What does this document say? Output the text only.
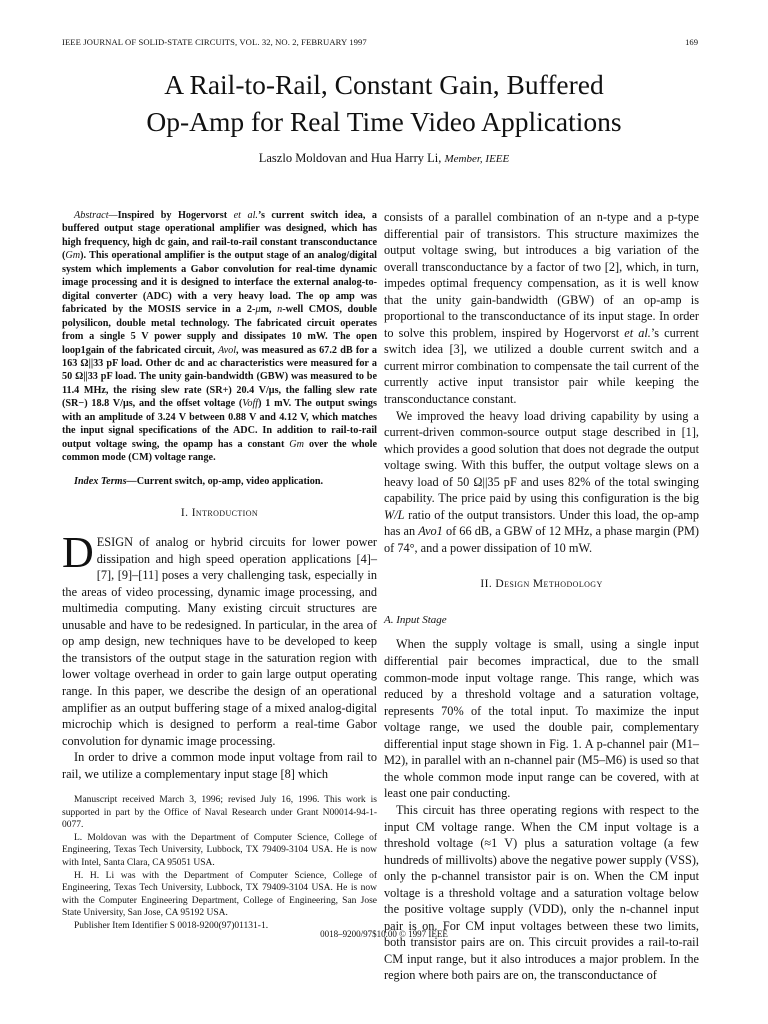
IEEE JOURNAL OF SOLID-STATE CIRCUITS, VOL. 32, NO. 2, FEBRUARY 1997	169
A Rail-to-Rail, Constant Gain, Buffered
Op-Amp for Real Time Video Applications
Laszlo Moldovan and Hua Harry Li, Member, IEEE

Abstract—Inspired by Hogervorst et al.’s current switch idea, a buffered output stage operational amplifier was designed, which has high frequency, high dc gain, and rail-to-rail constant transconductance (Gm). This operational amplifier is the output stage of an analog/digital system which implements a Gabor convolution for real-time dynamic image processing and it is designed to interface the external analog-to-digital converter (ADC) with a very heavy load. The op amp was fabricated by the MOSIS service in a 2-μm, n-well CMOS, double polysilicon, double metal technology. The fabricated circuit operates from a single 5 V power supply and dissipates 10 mW. The open loop1gain of the fabricated circuit, Avol, was measured as 67.2 dB for a 163 Ω||33 pF load. Other dc and ac characteristics were measured for a 50 Ω||33 pF load. The unity gain-bandwidth (GBW) was measured to be 11.4 MHz, the rising slew rate (SR+) 20.4 V/μs, the falling slew rate (SR−) 18.8 V/μs, and the offset voltage (Voff) 1 mV. The output swings with an amplitude of 3.24 V between 0.88 V and 4.12 V, which matches the input signal specifications of the ADC. In addition to rail-to-rail output voltage swing, the opamp has a constant Gm over the whole common mode (CM) voltage range.

Index Terms—Current switch, op-amp, video application.

I. Introduction

DESIGN of analog or hybrid circuits for lower power dissipation and high speed operation applications [4]–[7], [9]–[11] poses a very challenging task, especially in the areas of video processing, dynamic image processing, and multimedia computing. Many existing circuit structures are unusable and have to be redesigned. In particular, in the area of op amp design, new techniques have to be developed to keep the transistors of the output stage in the saturation region with lower voltage overhead in order to gain large output operating range. In this paper, we describe the design of an operational amplifier as an output buffering stage of a mixed analog-digital microchip which is designed to perform a real-time Gabor convolution for dynamic image processing.

In order to drive a common mode input voltage from rail to rail, we utilize a complementary input stage [8] which

Manuscript received March 3, 1996; revised July 16, 1996. This work is supported in part by the Office of Naval Research under Grant N00014-94-1-0077.

L. Moldovan was with the Department of Computer Science, College of Engineering, Texas Tech University, Lubbock, TX 79409-3104 USA. He is now with Intel, Santa Clara, CA 95051 USA.

H. H. Li was with the Department of Computer Science, College of Engineering, Texas Tech University, Lubbock, TX 79409-3104 USA. He is now with the Computer Engineering Department, College of Engineering, San Jose State University, San Jose, CA 95192 USA.

Publisher Item Identifier S 0018-9200(97)01131-1.

consists of a parallel combination of an n-type and a p-type differential pair of transistors. This structure maximizes the output voltage swing, but introduces a big variation of the overall transconductance by a factor of two [2], which, in turn, impedes optimal frequency compensation, as it is well know that the unity gain-bandwidth (GBW) of an op-amp is proportional to the transconductance of its input stage. In order to solve this problem, inspired by Hogervorst et al.’s current switch idea [3], we utilized a double current switch and a current mirror combination to compensate the tail current of the currently active input transistor pair while keeping the transconductance constant.

We improved the heavy load driving capability by using a current-driven common-source output stage described in [1], which provides a good solution that does not degrade the output voltage swing. With this buffer, the output voltage slews on a heavy load of 50 Ω||35 pF and uses 82% of the total swinging capability. The price paid by using this configuration is the big W/L ratio of the output transistors. Under this load, the op-amp has an Avo1 of 66 dB, a GBW of 12 MHz, a phase margin (PM) of 74°, and a power dissipation of 10 mW.

II. Design Methodology
A. Input Stage

When the supply voltage is small, using a single input differential pair becomes impractical, due to the small common-mode input voltage range. This range, which was reduced by a threshold voltage and a saturation voltage, represents 70% of the total input. To maximize the input voltage range, we used the double pair, complementary differential input stage shown in Fig. 1. A p-channel pair (M1–M2), in parallel with an n-channel pair (M5–M6) is used so that the whole common mode input range can be covered, with at least one pair conducting.

This circuit has three operating regions with respect to the input CM voltage range. When the CM input voltage is a threshold voltage (≈1 V) plus a saturation voltage (a few hundreds of millivolts) above the negative power supply (VSS), only the p-channel transistor pair is on. When the CM input voltage is a threshold voltage and a saturation voltage below the positive voltage supply (VDD), only the n-channel input pair is on. For CM input voltages between these two limits, both transistor pairs are on. This circuit provides a rail-to-rail CM input range, but it also introduces a major problem. In the region where both pairs are on, the transconductance of

0018–9200/97$10.00 © 1997 IEEE
